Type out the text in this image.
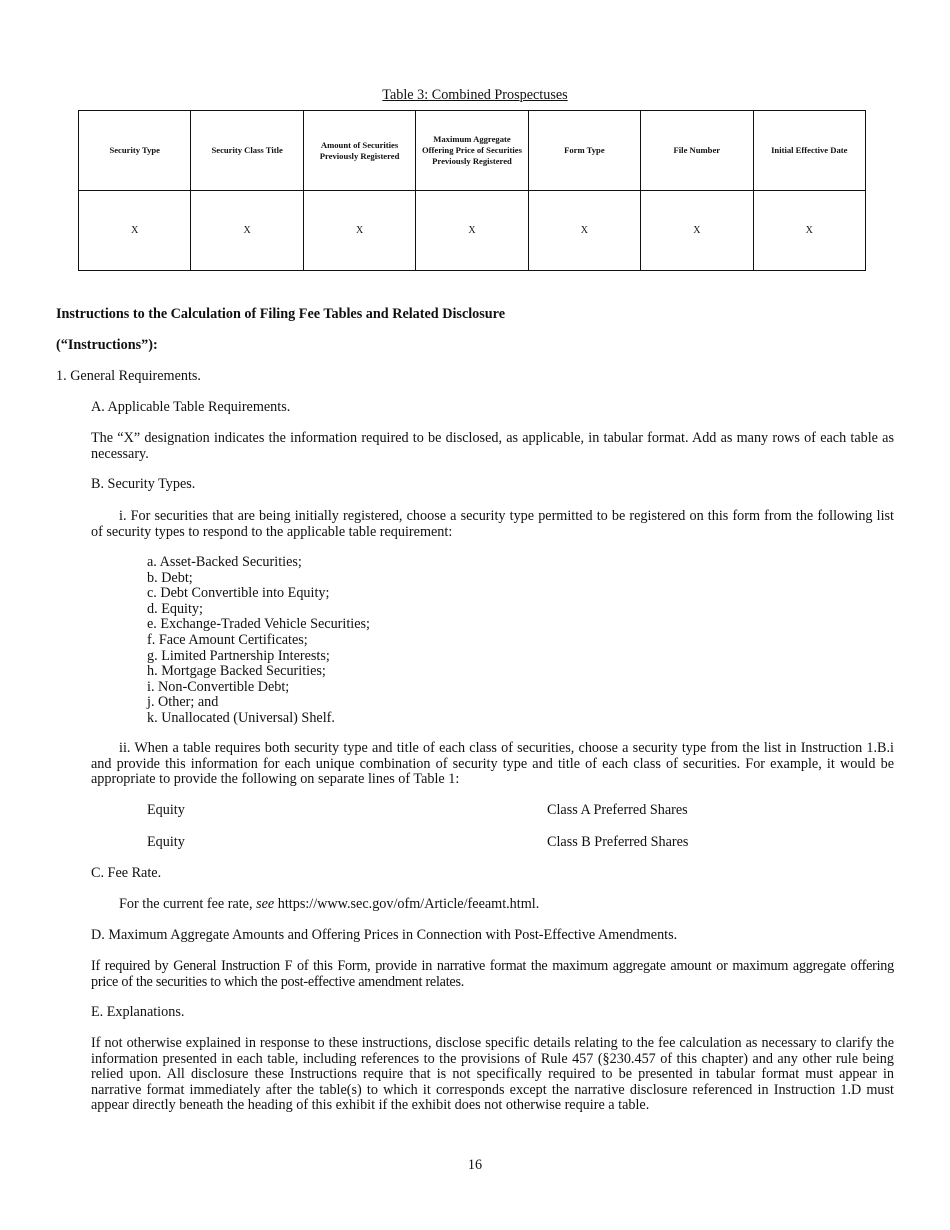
Table 3: Combined Prospectuses
Security Type	Security Class Title	Amount of Securities Previously Registered	Maximum Aggregate Offering Price of Securities Previously Registered	Form Type	File Number	Initial Effective Date
X	X	X	X	X	X	X
Instructions to the Calculation of Filing Fee Tables and Related Disclosure
(“Instructions”):
1. General Requirements.
A. Applicable Table Requirements.
The “X” designation indicates the information required to be disclosed, as applicable, in tabular format. Add as many rows of each table as necessary.
B. Security Types.
i. For securities that are being initially registered, choose a security type permitted to be registered on this form from the following list of security types to respond to the applicable table requirement:
a. Asset-Backed Securities;
b. Debt;
c. Debt Convertible into Equity;
d. Equity;
e. Exchange-Traded Vehicle Securities;
f. Face Amount Certificates;
g. Limited Partnership Interests;
h. Mortgage Backed Securities;
i. Non-Convertible Debt;
j. Other; and
k. Unallocated (Universal) Shelf.
ii. When a table requires both security type and title of each class of securities, choose a security type from the list in Instruction 1.B.i and provide this information for each unique combination of security type and title of each class of securities. For example, it would be appropriate to provide the following on separate lines of Table 1:
Equity	Class A Preferred Shares
Equity	Class B Preferred Shares
C. Fee Rate.
For the current fee rate, see https://www.sec.gov/ofm/Article/feeamt.html.
D. Maximum Aggregate Amounts and Offering Prices in Connection with Post-Effective Amendments.
If required by General Instruction F of this Form, provide in narrative format the maximum aggregate amount or maximum aggregate offering price of the securities to which the post-effective amendment relates.
E. Explanations.
If not otherwise explained in response to these instructions, disclose specific details relating to the fee calculation as necessary to clarify the information presented in each table, including references to the provisions of Rule 457 (§230.457 of this chapter) and any other rule being relied upon. All disclosure these Instructions require that is not specifically required to be presented in tabular format must appear in narrative format immediately after the table(s) to which it corresponds except the narrative disclosure referenced in Instruction 1.D must appear directly beneath the heading of this exhibit if the exhibit does not otherwise require a table.
16
